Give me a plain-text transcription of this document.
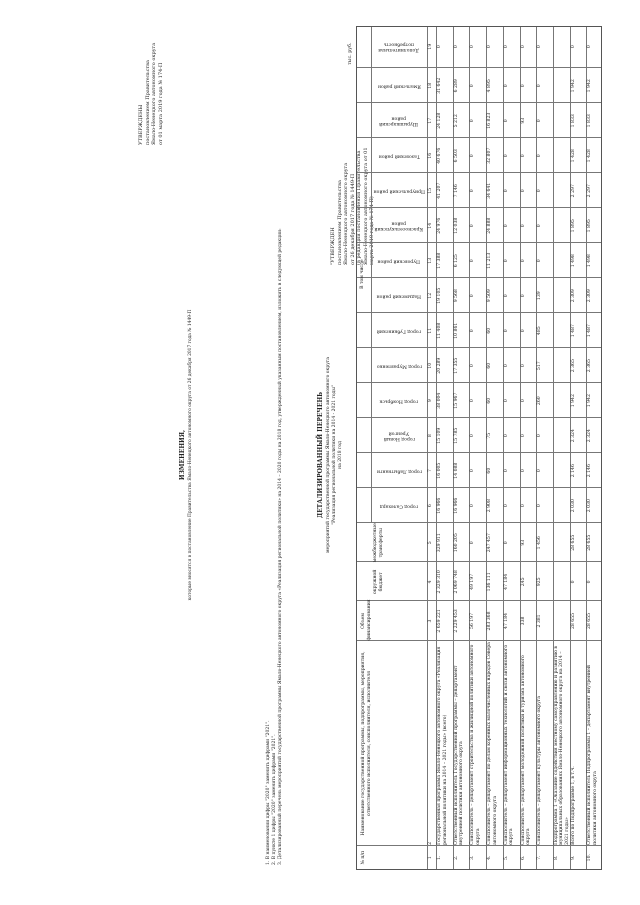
УТВЕРЖДЕНЫ постановлением Правительства Ямало-Ненецкого автономного округа от 01 марта 2019 года № 174-П
ИЗМЕНЕНИЯ, которые вносятся в постановление Правительства Ямало-Ненецкого автономного округа от 26 декабря 2017 года № 1449-П
1. В наименовании цифры "2020" заменить цифрами "2021". 2. В пункте 1 цифры "2020" заменить цифрами "2021". 3. Детализированный перечень мероприятий государственной программы Ямало-Ненецкого автономного округа «Реализация региональной политики» на 2014 – 2020 годы на 2018 год, утвержденный указанным постановлением, изложить в следующей редакции:	"УТВЕРЖДЕН постановлением Правительства Ямало-Ненецкого автономного округа от 26 декабря 2017 года № 1449-П (в редакции постановления Правительства Ямало-Ненецкого автономного округа от 01 марта 2019 года № 174-П)
ДЕТАЛИЗИРОВАННЫЙ ПЕРЕЧЕНЬ мероприятий государственной программы Ямало-Ненецкого автономного округа "Реализация региональной политики на 2014 - 2021 годы" на 2018 год
тыс. руб.
В том числе
№ п/п
Наименование государственной программы, подпрограммы, мероприятия, ответственного исполнителя, соисполнителя, исполнителя
Объем финансирования
окружной бюджет
межбюджетные трансферты
город Салехард
город Лабытнанги
город Новый Уренгой
город Ноябрьск
город Муравленко
город Губкинский
Надымский район
Пуровский район
Красноселькупский район
Приуральский район
Тазовский район
Шурышкарский район
Ямальский район
Дополнительная потребность
1
2
3
4
5
6
7
8
9
10
11
12
13
14
15
16
17
18
19
1.
Государственная программа Ямало-Ненецкого автономного округа «Реализация региональной политики на 2014 – 2021 годы» (всего)
2 659 221
2 329 310
329 911
16 966
16 005
15 109
38 004
20 289
11 408
19 105
17 388
24 976
41 207
40 676
24 128
31 642
0
2.
Ответственный исполнитель Государственной программы – департамент внутренней политики автономного округа
2 229 453
2 069 748
160 205
16 966
14 088
15 785
15 967
17 355
10 861
9 568
6 125
12 038
7 146
6 503
5 212
6 289
0
3.
Соисполнитель – департамент строительства и жилищной политики автономного округа
56 197
49 197
0
0
0
0
0
0
0
0
0
0
0
0
0
0
0
4.
Соисполнитель – департамент по делам коренных малочисленных народов Севера автономного округа
283 368
136 111
247 457
2 908
60
75
60
60
60
9 509
11 213
24 888
34 641
32 807
16 823
4 895
0
5.
Соисполнитель – департамент информационных технологий и связи автономного округа
47 184
47 184
0
0
0
0
0
0
0
0
0
0
0
0
0
0
0
6.
Соисполнитель – департамент молодежной политики и туризма автономного округа
338
245
93
0
0
0
0
0
0
0
0
0
0
0
93
0
0
7.
Соисполнитель – департамент культуры автономного округа
2 381
925
1 456
0
0
0
260
517
485
139
0
0
0
0
0
0
0
8.
Подпрограмма 1 «Оказание содействия местному самоуправлению и развитию в муниципальных образованиях Ямало-Ненецкого автономного округа на 2014 – 2021 годы»
9.
Всего по Подпрограмме 1, в т.ч.
28 655
0
28 655
2 030
2 146
2 324
1 942
2 365
1 487
2 309
1 498
1 895
2 297
1 428
1 833
1 942
0
10.
Ответственный исполнитель Подпрограммы 1 – департамент внутренней политики автономного округа
28 655
0
28 655
2 030
2 146
2 324
1 942
2 365
1 487
2 309
1 498
1 895
2 297
1 428
1 833
1 942
0
